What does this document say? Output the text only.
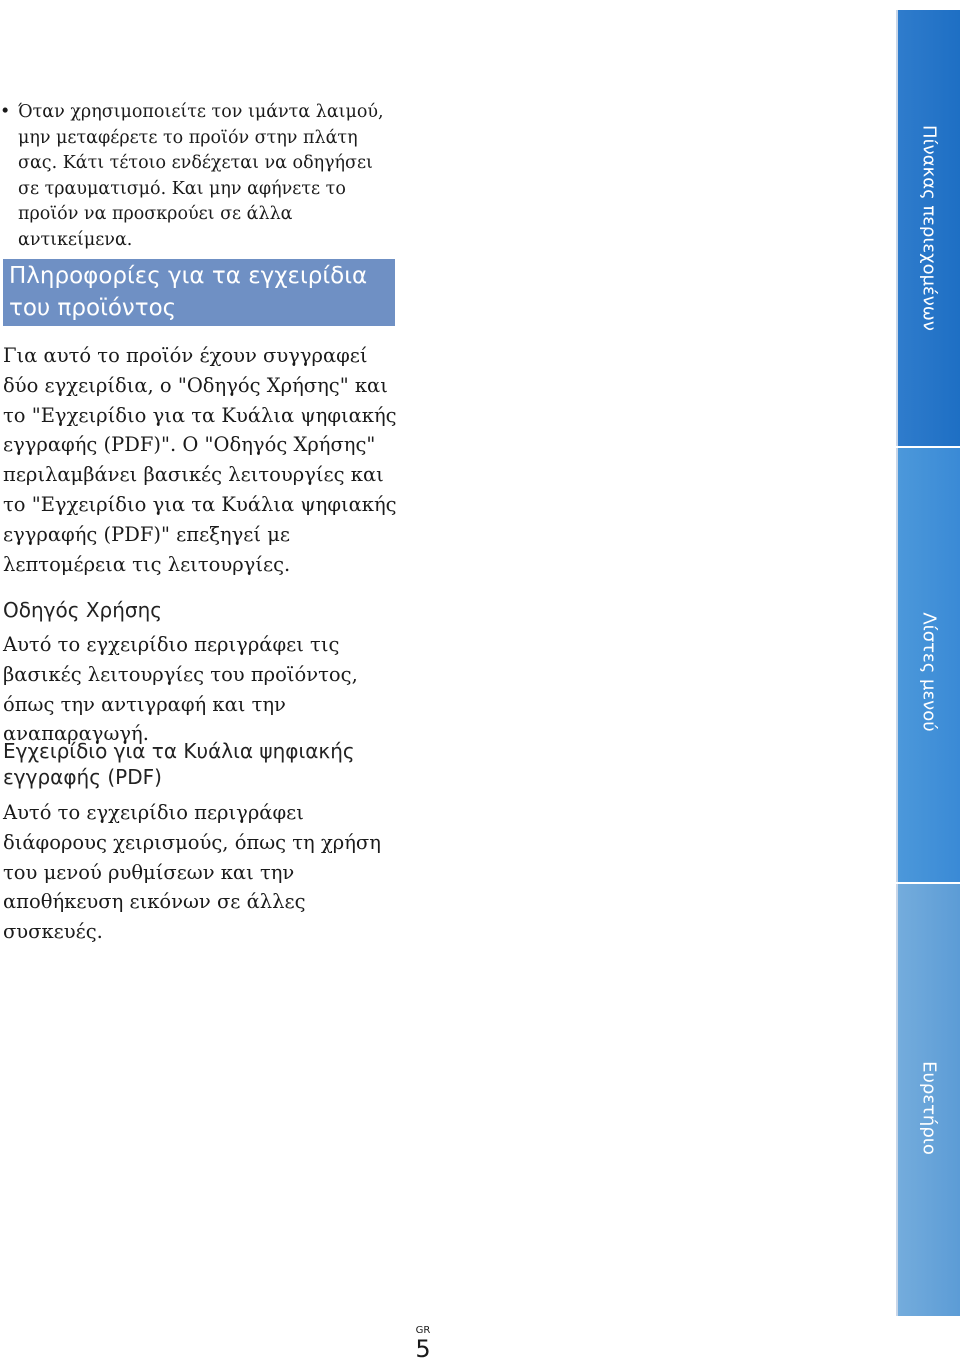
• Όταν χρησιμοποιείτε τον ιμάντα λαιμού, μην μεταφέρετε το προϊόν στην πλάτη σας. Κάτι τέτοιο ενδέχεται να οδηγήσει σε τραυματισμό. Και μην αφήνετε το προϊόν να προσκρούει σε άλλα αντικείμενα.
Πληροφορίες για τα εγχειρίδια του προϊόντος
Για αυτό το προϊόν έχουν συγγραφεί δύο εγχειρίδια, ο "Οδηγός Χρήσης" και το "Εγχειρίδιο για τα Κυάλια ψηφιακής εγγραφής (PDF)". Ο "Οδηγός Χρήσης" περιλαμβάνει βασικές λειτουργίες και το "Εγχειρίδιο για τα Κυάλια ψηφιακής εγγραφής (PDF)" επεξηγεί με λεπτομέρεια τις λειτουργίες.
Οδηγός Χρήσης
Αυτό το εγχειρίδιο περιγράφει τις βασικές λειτουργίες του προϊόντος, όπως την αντιγραφή και την αναπαραγωγή.
Εγχειρίδιο για τα Κυάλια ψηφιακής εγγραφής (PDF)
Αυτό το εγχειρίδιο περιγράφει διάφορους χειρισμούς, όπως τη χρήση του μενού ρυθμίσεων και την αποθήκευση εικόνων σε άλλες συσκευές.
Πίνακας περιεχομένων
Λίστες μενού
Ευρετήριο
GR
5
